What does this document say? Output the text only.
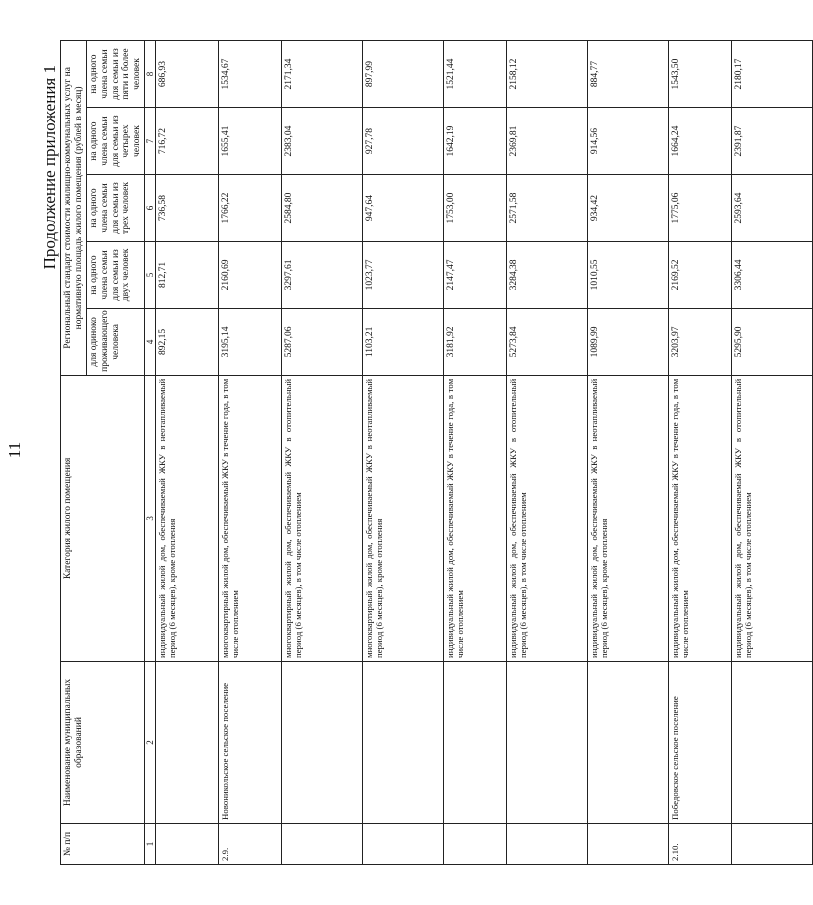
11
Продолжение приложения 1
№ п/п	Наименование муниципальных образований	Категория жилого помещения	Региональный стандарт стоимости жилищно-коммунальных услуг на нормативную площадь жилого помещения (рублей в месяц)				
			для одиноко проживающего человека	на одного члена семьи для семьи из двух человек	на одного члена семьи для семьи из трех человек	на одного члена семьи для семьи из четырех человек	на одного члена семьи для семьи из пяти и более человек
1	2	3	4	5	6	7	8
		индивидуальный жилой дом, обеспечиваемый ЖКУ в неотапливаемый период (6 месяцев), кроме отопления	892,15	812,71	736,58	716,72	686,93
2.9.	Новоникольское сельское поселение	многоквартирный жилой дом, обеспечиваемый ЖКУ в течение года, в том числе отоплением	3195,14	2160,69	1766,22	1655,41	1534,67
		многоквартирный жилой дом, обеспечиваемый ЖКУ в отопительный период (6 месяцев), в том числе отоплением	5287,06	3297,61	2584,80	2383,04	2171,34
		многоквартирный жилой дом, обеспечиваемый ЖКУ в неотапливаемый период (6 месяцев), кроме отопления	1103,21	1023,77	947,64	927,78	897,99
		индивидуальный жилой дом, обеспечиваемый ЖКУ в течение года, в том числе отоплением	3181,92	2147,47	1753,00	1642,19	1521,44
		индивидуальный жилой дом, обеспечиваемый ЖКУ в отопительный период (6 месяцев), в том числе отоплением	5273,84	3284,38	2571,58	2369,81	2158,12
		индивидуальный жилой дом, обеспечиваемый ЖКУ в неотапливаемый период (6 месяцев), кроме отопления	1089,99	1010,55	934,42	914,56	884,77
2.10.	Победовское сельское поселение	индивидуальный жилой дом, обеспечиваемый ЖКУ в течение года, в том числе отоплением	3203,97	2169,52	1775,06	1664,24	1543,50
		индивидуальный жилой дом, обеспечиваемый ЖКУ в отопительный период (6 месяцев), в том числе отоплением	5295,90	3306,44	2593,64	2391,87	2180,17
